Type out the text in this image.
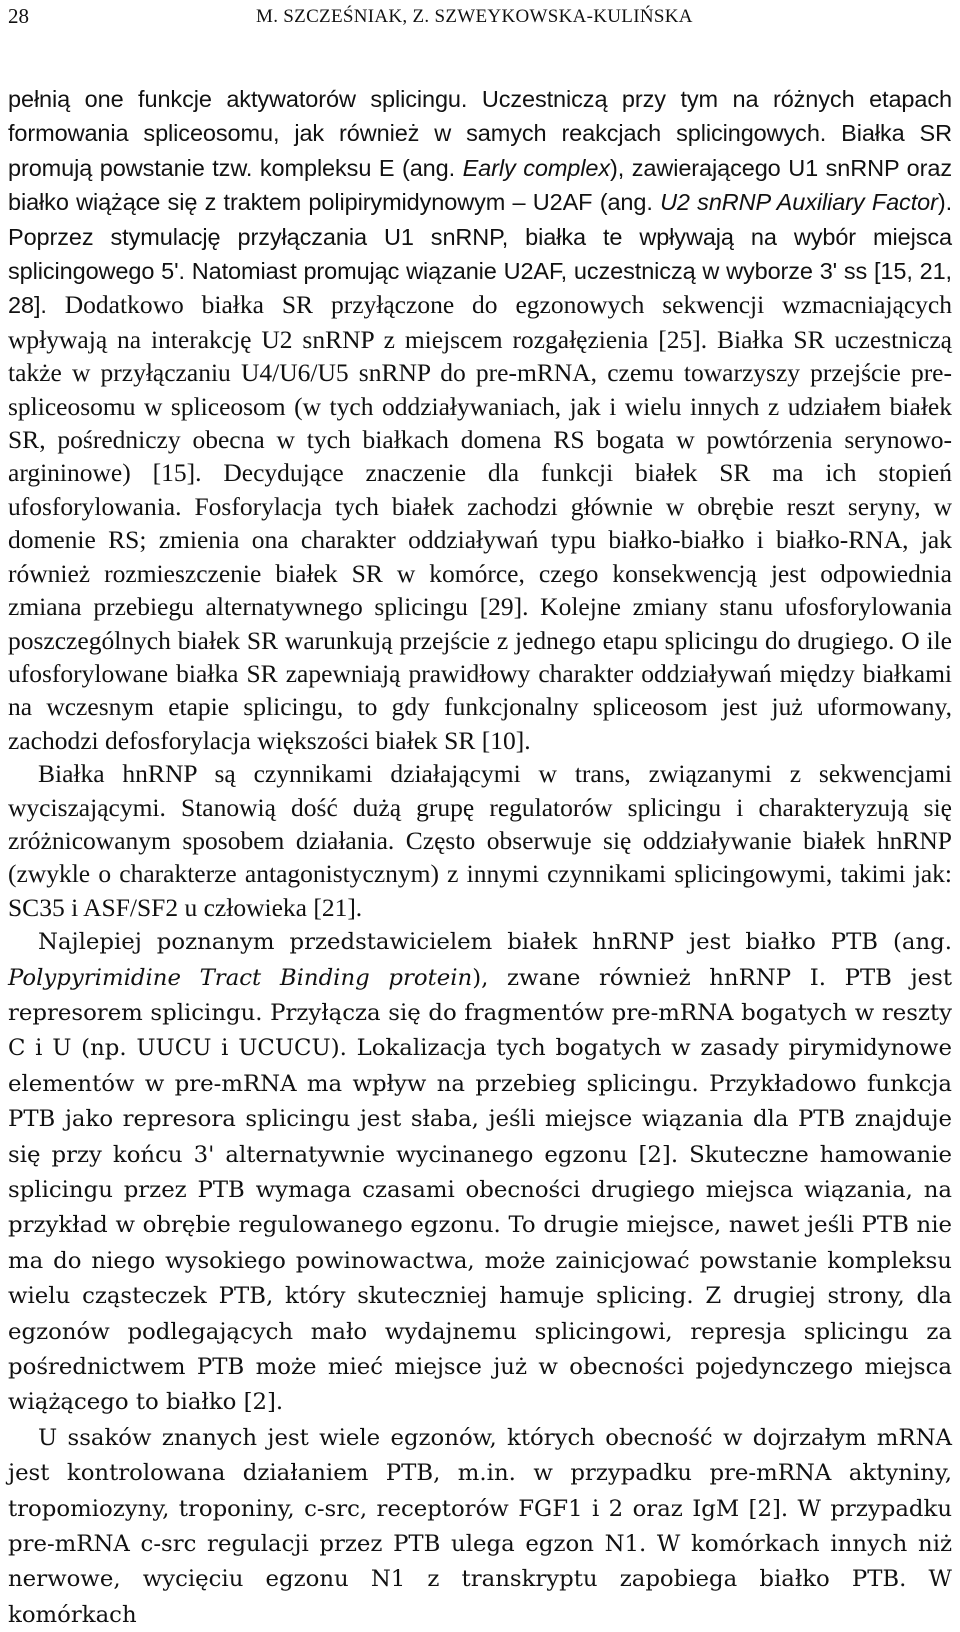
28	M. SZCZEŚNIAK, Z. SZWEYKOWSKA-KULIŃSKA

pełnią one funkcje aktywatorów splicingu. Uczestniczą przy tym na różnych etapach formowania spliceosomu, jak również w samych reakcjach splicingowych. Białka SR promują powstanie tzw. kompleksu E (ang. Early complex), zawierającego U1 snRNP oraz białko wiążące się z traktem polipirymidynowym – U2AF (ang. U2 snRNP Auxiliary Factor). Poprzez stymulację przyłączania U1 snRNP, białka te wpływają na wybór miejsca splicingowego 5'. Natomiast promując wiązanie U2AF, uczestniczą w wyborze 3' ss [15, 21, 28]. Dodatkowo białka SR przyłączone do egzonowych sekwencji wzmacniających wpływają na interakcję U2 snRNP z miejscem rozgałęzienia [25]. Białka SR uczestniczą także w przyłączaniu U4/U6/U5 snRNP do pre-mRNA, czemu towarzyszy przejście pre-spliceosomu w spliceosom (w tych oddziaływaniach, jak i wielu innych z udziałem białek SR, pośredniczy obecna w tych białkach domena RS bogata w powtórzenia serynowo-argininowe) [15]. Decydujące znaczenie dla funkcji białek SR ma ich stopień ufosforylowania. Fosforylacja tych białek zachodzi głównie w obrębie reszt seryny, w domenie RS; zmienia ona charakter oddziaływań typu białko-białko i białko-RNA, jak również rozmieszczenie białek SR w komórce, czego konsekwencją jest odpowiednia zmiana przebiegu alternatywnego splicingu [29]. Kolejne zmiany stanu ufosforylowania poszczególnych białek SR warunkują przejście z jednego etapu splicingu do drugiego. O ile ufosforylowane białka SR zapewniają prawidłowy charakter oddziaływań między białkami na wczesnym etapie splicingu, to gdy funkcjonalny spliceosom jest już uformowany, zachodzi defosforylacja większości białek SR [10].

Białka hnRNP są czynnikami działającymi w trans, związanymi z sekwencjami wyciszającymi. Stanowią dość dużą grupę regulatorów splicingu i charakteryzują się zróżnicowanym sposobem działania. Często obserwuje się oddziaływanie białek hnRNP (zwykle o charakterze antagonistycznym) z innymi czynnikami splicingowymi, takimi jak: SC35 i ASF/SF2 u człowieka [21].

Najlepiej poznanym przedstawicielem białek hnRNP jest białko PTB (ang. Polypyrimidine Tract Binding protein), zwane również hnRNP I. PTB jest represorem splicingu. Przyłącza się do fragmentów pre-mRNA bogatych w reszty C i U (np. UUCU i UCUCU). Lokalizacja tych bogatych w zasady pirymidynowe elementów w pre-mRNA ma wpływ na przebieg splicingu. Przykładowo funkcja PTB jako represora splicingu jest słaba, jeśli miejsce wiązania dla PTB znajduje się przy końcu 3' alternatywnie wycinanego egzonu [2]. Skuteczne hamowanie splicingu przez PTB wymaga czasami obecności drugiego miejsca wiązania, na przykład w obrębie regulowanego egzonu. To drugie miejsce, nawet jeśli PTB nie ma do niego wysokiego powinowactwa, może zainicjować powstanie kompleksu wielu cząsteczek PTB, który skuteczniej hamuje splicing. Z drugiej strony, dla egzonów podlegających mało wydajnemu splicingowi, represja splicingu za pośrednictwem PTB może mieć miejsce już w obecności pojedynczego miejsca wiążącego to białko [2].

U ssaków znanych jest wiele egzonów, których obecność w dojrzałym mRNA jest kontrolowana działaniem PTB, m.in. w przypadku pre-mRNA aktyniny, tropomiozyny, troponiny, c-src, receptorów FGF1 i 2 oraz IgM [2]. W przypadku pre-mRNA c-src regulacji przez PTB ulega egzon N1. W komórkach innych niż nerwowe, wycięciu egzonu N1 z transkryptu zapobiega białko PTB. W komórkach
